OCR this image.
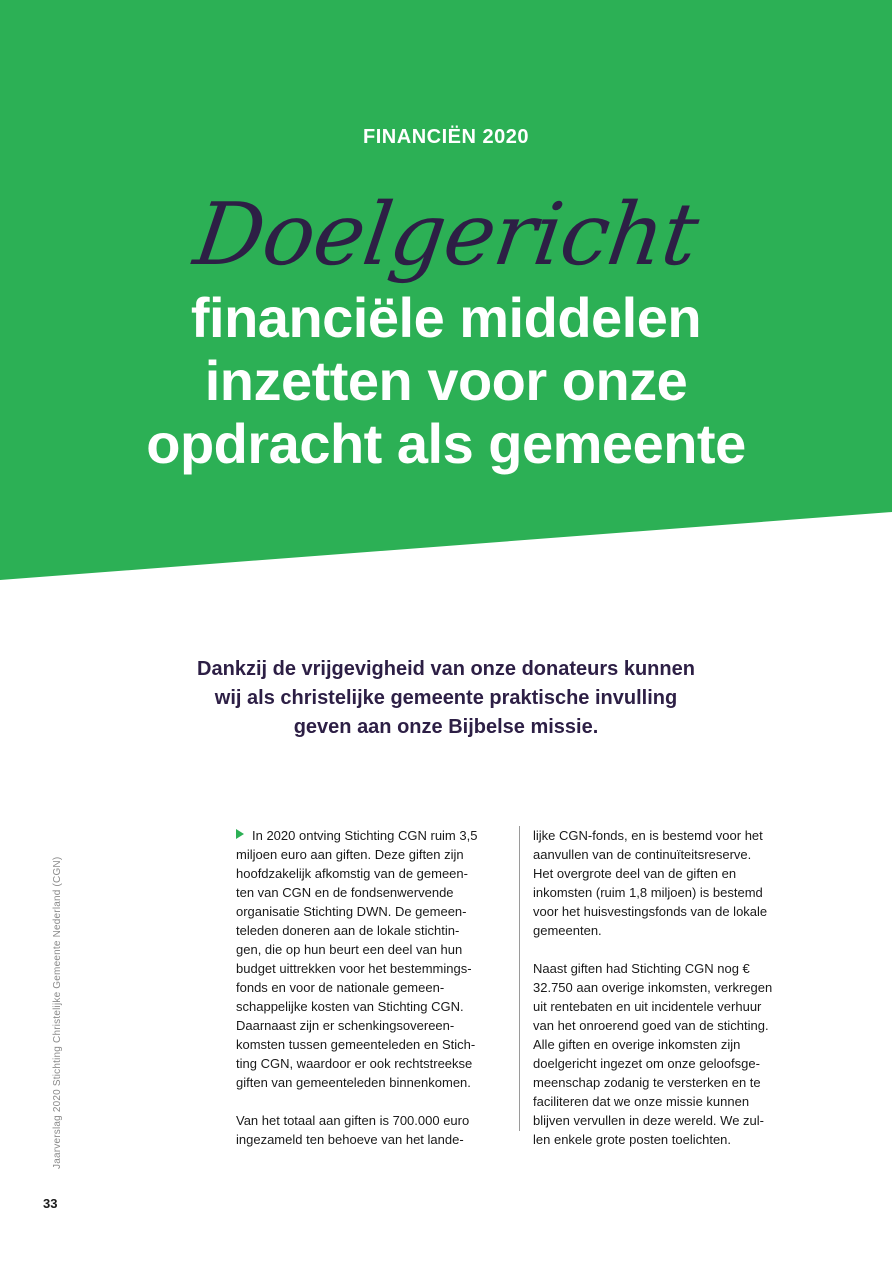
FINANCIËN 2020
Doelgericht
financiële middelen
inzetten voor onze
opdracht als gemeente
Dankzij de vrijgevigheid van onze donateurs kunnen
wij als christelijke gemeente praktische invulling
geven aan onze Bijbelse missie.

In 2020 ontving Stichting CGN ruim 3,5
miljoen euro aan giften. Deze giften zijn
hoofdzakelijk afkomstig van de gemeen-
ten van CGN en de fondsenwervende
organisatie Stichting DWN. De gemeen-
teleden doneren aan de lokale stichtin-
gen, die op hun beurt een deel van hun
budget uittrekken voor het bestemmings-
fonds en voor de nationale gemeen-
schappelijke kosten van Stichting CGN.
Daarnaast zijn er schenkingsovereen-
komsten tussen gemeenteleden en Stich-
ting CGN, waardoor er ook rechtstreekse
giften van gemeenteleden binnenkomen.

Van het totaal aan giften is 700.000 euro
ingezameld ten behoeve van het lande-

lijke CGN-fonds, en is bestemd voor het
aanvullen van de continuïteitsreserve.
Het overgrote deel van de giften en
inkomsten (ruim 1,8 miljoen) is bestemd
voor het huisvestingsfonds van de lokale
gemeenten.

Naast giften had Stichting CGN nog €
32.750 aan overige inkomsten, verkregen
uit rentebaten en uit incidentele verhuur
van het onroerend goed van de stichting.
Alle giften en overige inkomsten zijn
doelgericht ingezet om onze geloofsge-
meenschap zodanig te versterken en te
faciliteren dat we onze missie kunnen
blijven vervullen in deze wereld. We zul-
len enkele grote posten toelichten.

Jaarverslag 2020 Stichting Christelijke Gemeente Nederland (CGN)
33
